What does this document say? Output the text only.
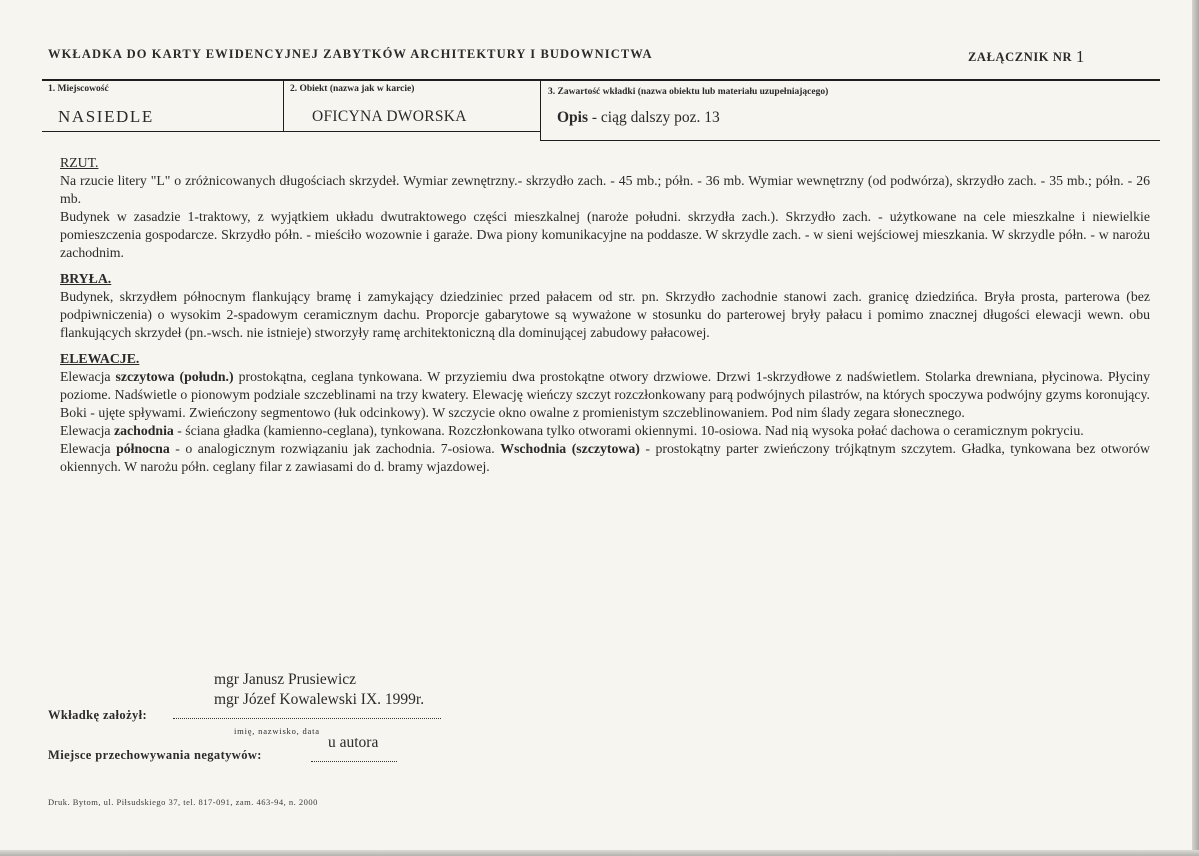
WKŁADKA DO KARTY EWIDENCYJNEJ ZABYTKÓW ARCHITEKTURY I BUDOWNICTWA	ZAŁĄCZNIK NR 1
1. Miejscowość	2. Obiekt (nazwa jak w karcie)	3. Zawartość wkładki (nazwa obiektu lub materiału uzupełniającego)
NASIEDLE	OFICYNA DWORSKA	Opis - ciąg dalszy poz. 13

RZUT.

Na rzucie litery "L" o zróżnicowanych długościach skrzydeł. Wymiar zewnętrzny.- skrzydło zach. - 45 mb.; półn. - 36 mb. Wymiar wewnętrzny (od podwórza), skrzydło zach. - 35 mb.; półn. - 26 mb.

Budynek w zasadzie 1-traktowy, z wyjątkiem układu dwutraktowego części mieszkalnej (naroże południ. skrzydła zach.). Skrzydło zach. - użytkowane na cele mieszkalne i niewielkie pomieszczenia gospodarcze. Skrzydło półn. - mieściło wozownie i garaże. Dwa piony komunikacyjne na poddasze. W skrzydle zach. - w sieni wejściowej mieszkania. W skrzydle półn. - w narożu zachodnim.

BRYŁA.

Budynek, skrzydłem północnym flankujący bramę i zamykający dziedziniec przed pałacem od str. pn. Skrzydło zachodnie stanowi zach. granicę dziedzińca. Bryła prosta, parterowa (bez podpiwniczenia) o wysokim 2-spadowym ceramicznym dachu. Proporcje gabarytowe są wyważone w stosunku do parterowej bryły pałacu i pomimo znacznej długości elewacji wewn. obu flankujących skrzydeł (pn.-wsch. nie istnieje) stworzyły ramę architektoniczną dla dominującej zabudowy pałacowej.

ELEWACJE.

Elewacja szczytowa (połudn.) prostokątna, ceglana tynkowana. W przyziemiu dwa prostokątne otwory drzwiowe. Drzwi 1-skrzydłowe z nadświetlem. Stolarka drewniana, płycinowa. Płyciny poziome. Nadświetle o pionowym podziale szczeblinami na trzy kwatery. Elewację wieńczy szczyt rozczłonkowany parą podwójnych pilastrów, na których spoczywa podwójny gzyms koronujący. Boki - ujęte spływami. Zwieńczony segmentowo (łuk odcinkowy). W szczycie okno owalne z promienistym szczeblinowaniem. Pod nim ślady zegara słonecznego.

Elewacja zachodnia - ściana gładka (kamienno-ceglana), tynkowana. Rozczłonkowana tylko otworami okiennymi. 10-osiowa. Nad nią wysoka połać dachowa o ceramicznym pokryciu.

Elewacja północna - o analogicznym rozwiązaniu jak zachodnia. 7-osiowa. Wschodnia (szczytowa) - prostokątny parter zwieńczony trójkątnym szczytem. Gładka, tynkowana bez otworów okiennych. W narożu półn. ceglany filar z zawiasami do d. bramy wjazdowej.

mgr Janusz Prusiewicz
mgr Józef Kowalewski IX. 1999r.
Wkładkę założył:
imię, nazwisko, data
u autora
Miejsce przechowywania negatywów:
Druk. Bytom, ul. Piłsudskiego 37, tel. 817-091, zam. 463-94, n. 2000
